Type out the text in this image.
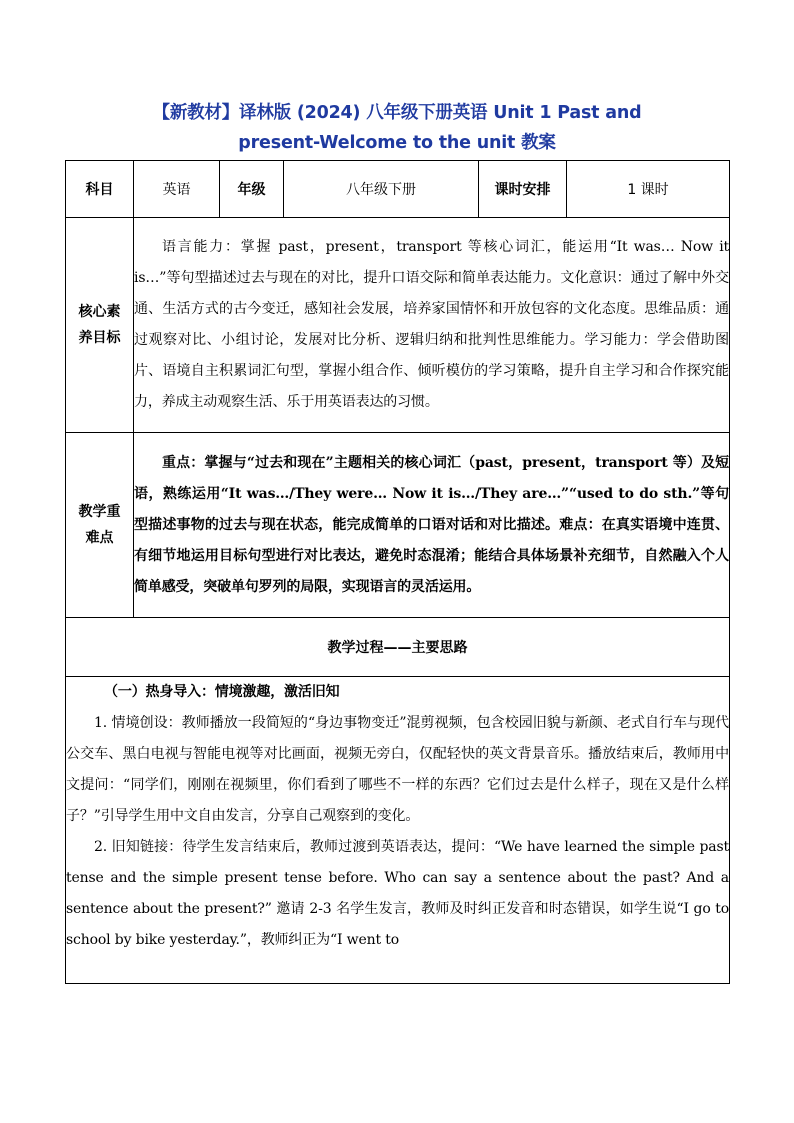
【新教材】译林版 (2024) 八年级下册英语 Unit 1 Past and
present-Welcome to the unit 教案
科目	英语	年级	八年级下册	课时安排	1 课时

核心素
养目标	语言能力：掌握 past，present，transport 等核心词汇，能运用“It was… Now it is…”等句型描述过去与现在的对比，提升口语交际和简单表达能力。文化意识：通过了解中外交通、生活方式的古今变迁，感知社会发展，培养家国情怀和开放包容的文化态度。思维品质：通过观察对比、小组讨论，发展对比分析、逻辑归纳和批判性思维能力。学习能力：学会借助图片、语境自主积累词汇句型，掌握小组合作、倾听模仿的学习策略，提升自主学习和合作探究能力，养成主动观察生活、乐于用英语表达的习惯。				

教学重
难点	重点：掌握与“过去和现在”主题相关的核心词汇（past，present，transport 等）及短语，熟练运用“It was…/They were… Now it is…/They are…”“used to do sth.”等句型描述事物的过去与现在状态，能完成简单的口语对话和对比描述。难点：在真实语境中连贯、有细节地运用目标句型进行对比表达，避免时态混淆；能结合具体场景补充细节，自然融入个人简单感受，突破单句罗列的局限，实现语言的灵活运用。				
教学过程——主要思路					

（一）热身导入：情境激趣，激活旧知

1. 情境创设：教师播放一段简短的“身边事物变迁”混剪视频，包含校园旧貌与新颜、老式自行车与现代公交车、黑白电视与智能电视等对比画面，视频无旁白，仅配轻快的英文背景音乐。播放结束后，教师用中文提问：“同学们，刚刚在视频里，你们看到了哪些不一样的东西？它们过去是什么样子，现在又是什么样子？”引导学生用中文自由发言，分享自己观察到的变化。

2. 旧知链接：待学生发言结束后，教师过渡到英语表达，提问：“We have learned the simple past tense and the simple present tense before. Who can say a sentence about the past? And a sentence about the present?” 邀请 2-3 名学生发言，教师及时纠正发音和时态错误，如学生说“I go to school by bike yesterday.”，教师纠正为“I went to					
